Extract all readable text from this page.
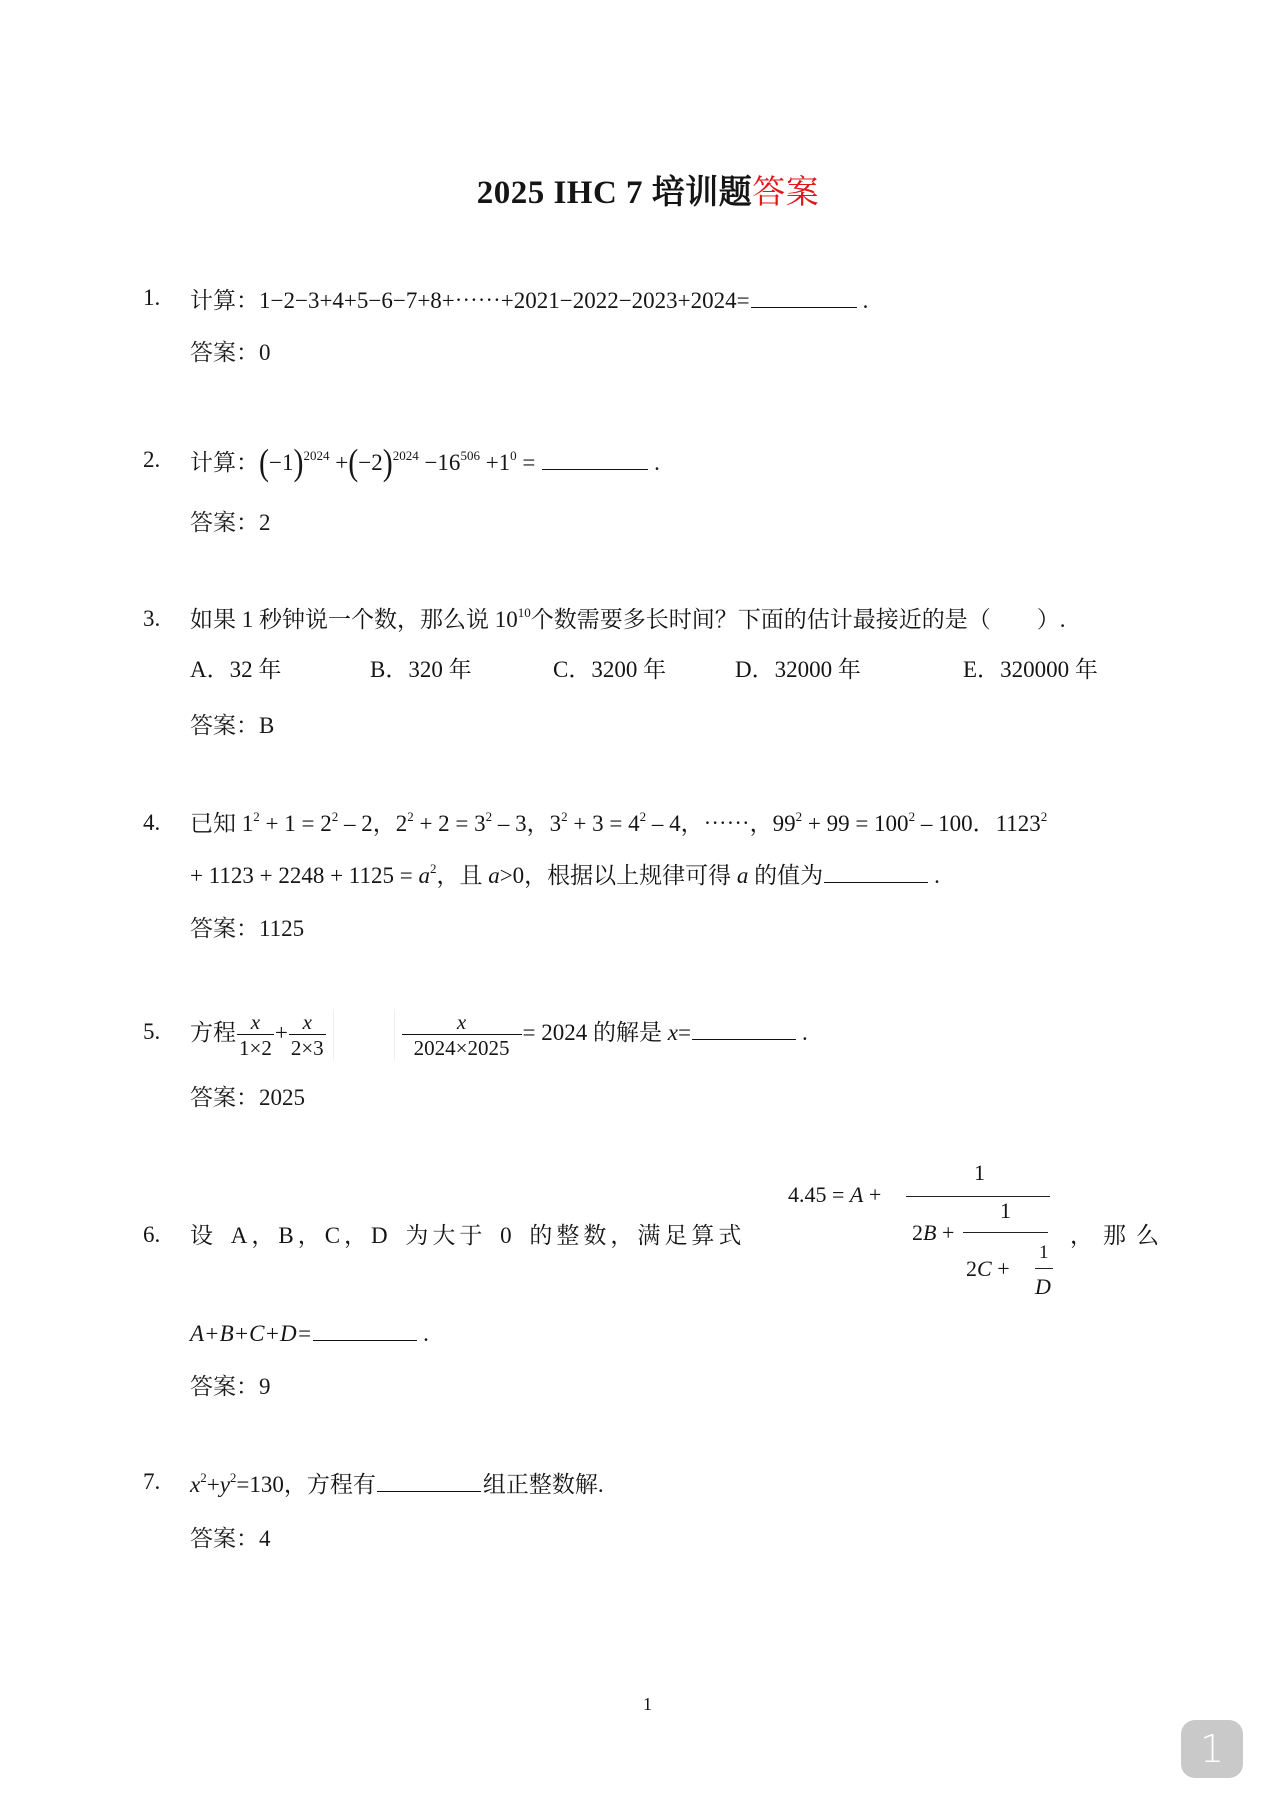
2025 IHC 7 培训题答案
1. 计算：1−2−3+4+5−6−7+8+⋯⋯+2021−2022−2023+2024=	.
答案：0
2. 计算：$(-1)^{2024} +(-2)^{2024} -16^{506} +1^0$ =	.
答案：2
3. 如果 1 秒钟说一个数，那么说 $10^{10}$个数需要多长时间？下面的估计最接近的是（　　）.
A．32 年	B．320 年	C．3200 年	D．32000 年	E．320000 年
答案：B
4. 已知 $1^2 + 1 = 2^2 - 2$，$2^2 + 2 = 3^2 - 3$，$3^2 + 3 = 4^2 - 4$，⋯⋯，$99^2 + 99 = 100^2 - 100$．$1123^2$
+ $1123 + 2248 + 1125 = a^2$，且 a>0，根据以上规律可得 a 的值为	.
答案：1125
5. 方程 $\frac{x}{1\times 2} + \frac{x}{2\times 3}$	$\frac{x}{2024\times 2025} = 2024$ 的解是 x=	.
答案：2025
6. 设 A，B，C，D 为大于 0 的整数，满足算式
4.45 = A +
1
2B +
1
2C +
1
D
，那么
A+B+C+D=	.
答案：9
7. $x^2+y^2=130$，方程有	组正整数解.
答案：4
1
1
